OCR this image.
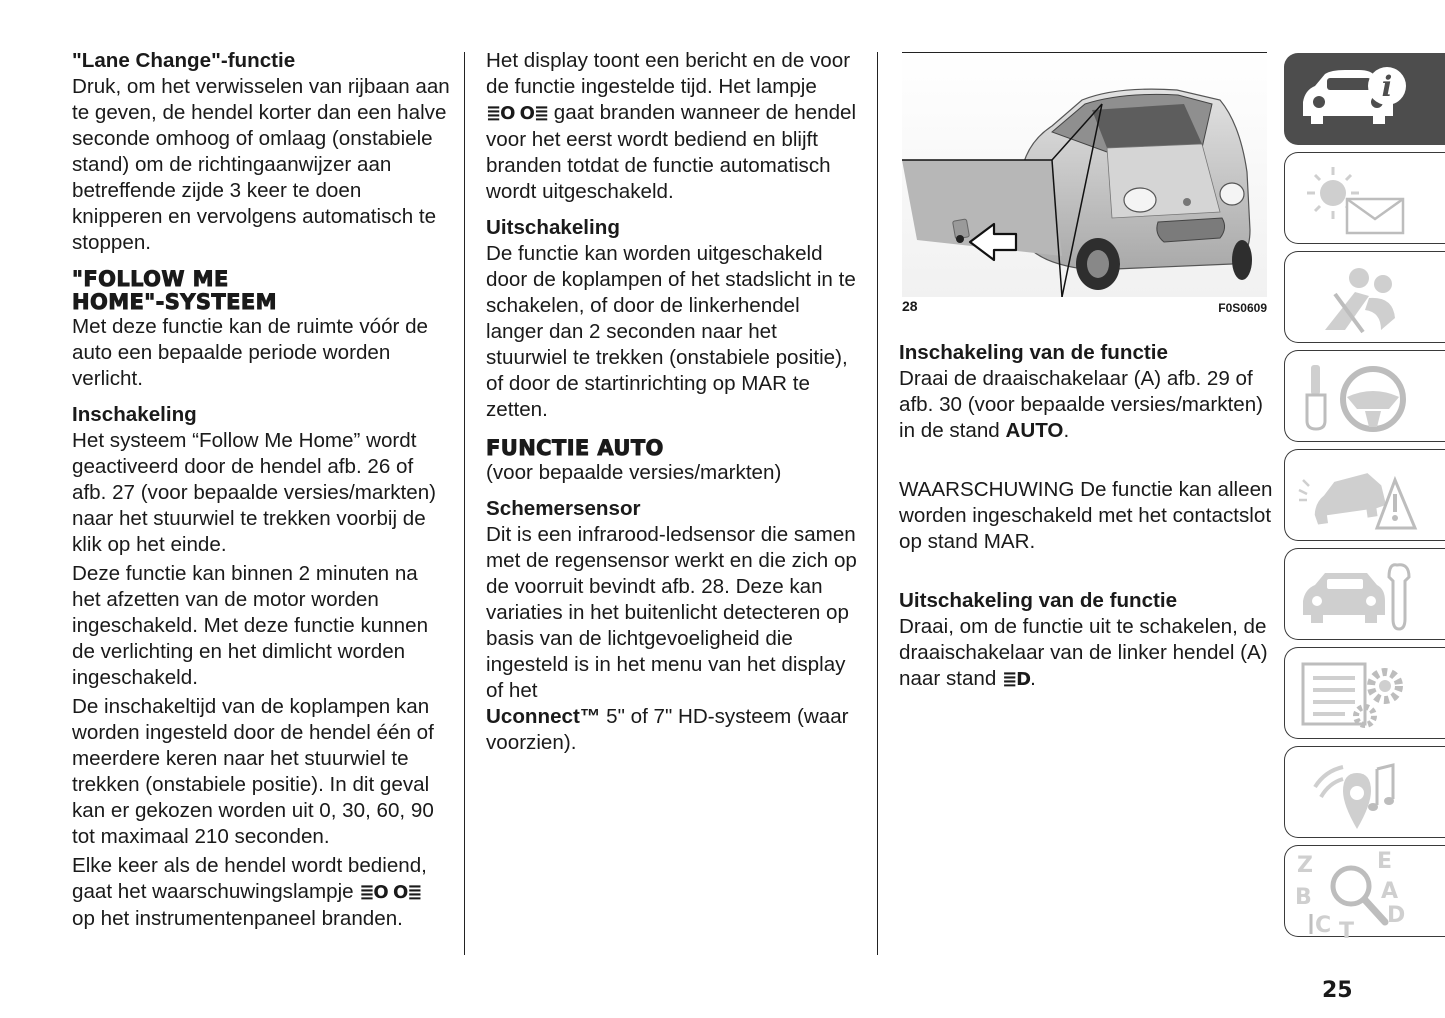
"Lane Change"-functie

Druk, om het verwisselen van rijbaan aan te geven, de hendel korter dan een halve seconde omhoog of omlaag (onstabiele stand) om de richtingaanwijzer aan betreffende zijde 3 keer te doen knipperen en vervolgens automatisch te stoppen.

"FOLLOW ME
HOME"-SYSTEEM

Met deze functie kan de ruimte vóór de auto een bepaalde periode worden verlicht.

Inschakeling

Het systeem “Follow Me Home” wordt geactiveerd door de hendel afb. 26 of afb. 27 (voor bepaalde versies/markten) naar het stuurwiel te trekken voorbij de klik op het einde.

Deze functie kan binnen 2 minuten na het afzetten van de motor worden ingeschakeld. Met deze functie kunnen de verlichting en het dimlicht worden ingeschakeld.

De inschakeltijd van de koplampen kan worden ingesteld door de hendel één of meerdere keren naar het stuurwiel te trekken (onstabiele positie). In dit geval kan er gekozen worden uit 0, 30, 60, 90 tot maximaal 210 seconden.

Elke keer als de hendel wordt bediend, gaat het waarschuwingslampje ≣O O≣ op het instrumentenpaneel branden.

Het display toont een bericht en de voor de functie ingestelde tijd. Het lampje ≣O O≣ gaat branden wanneer de hendel voor het eerst wordt bediend en blijft branden totdat de functie automatisch wordt uitgeschakeld.

Uitschakeling

De functie kan worden uitgeschakeld door de koplampen of het stadslicht in te schakelen, of door de linkerhendel langer dan 2 seconden naar het stuurwiel te trekken (onstabiele positie), of door de startinrichting op MAR te zetten.

FUNCTIE AUTO

(voor bepaalde versies/markten)

Schemersensor

Dit is een infrarood-ledsensor die samen met de regensensor werkt en die zich op de voorruit bevindt afb. 28. Deze kan variaties in het buitenlicht detecteren op basis van de lichtgevoeligheid die ingesteld is in het menu van het display of het
Uconnect™ 5" of 7" HD-systeem (waar voorzien).

28	F0S0609
Inschakeling van de functie

Draai de draaischakelaar (A) afb. 29 of afb. 30 (voor bepaalde versies/markten) in de stand AUTO.

WAARSCHUWING De functie kan alleen worden ingeschakeld met het contactslot op stand MAR.

Uitschakeling van de functie

Draai, om de functie uit te schakelen, de draaischakelaar van de linker hendel (A) naar stand ≣D.

i
Z	E
B	A
C T
D
25
